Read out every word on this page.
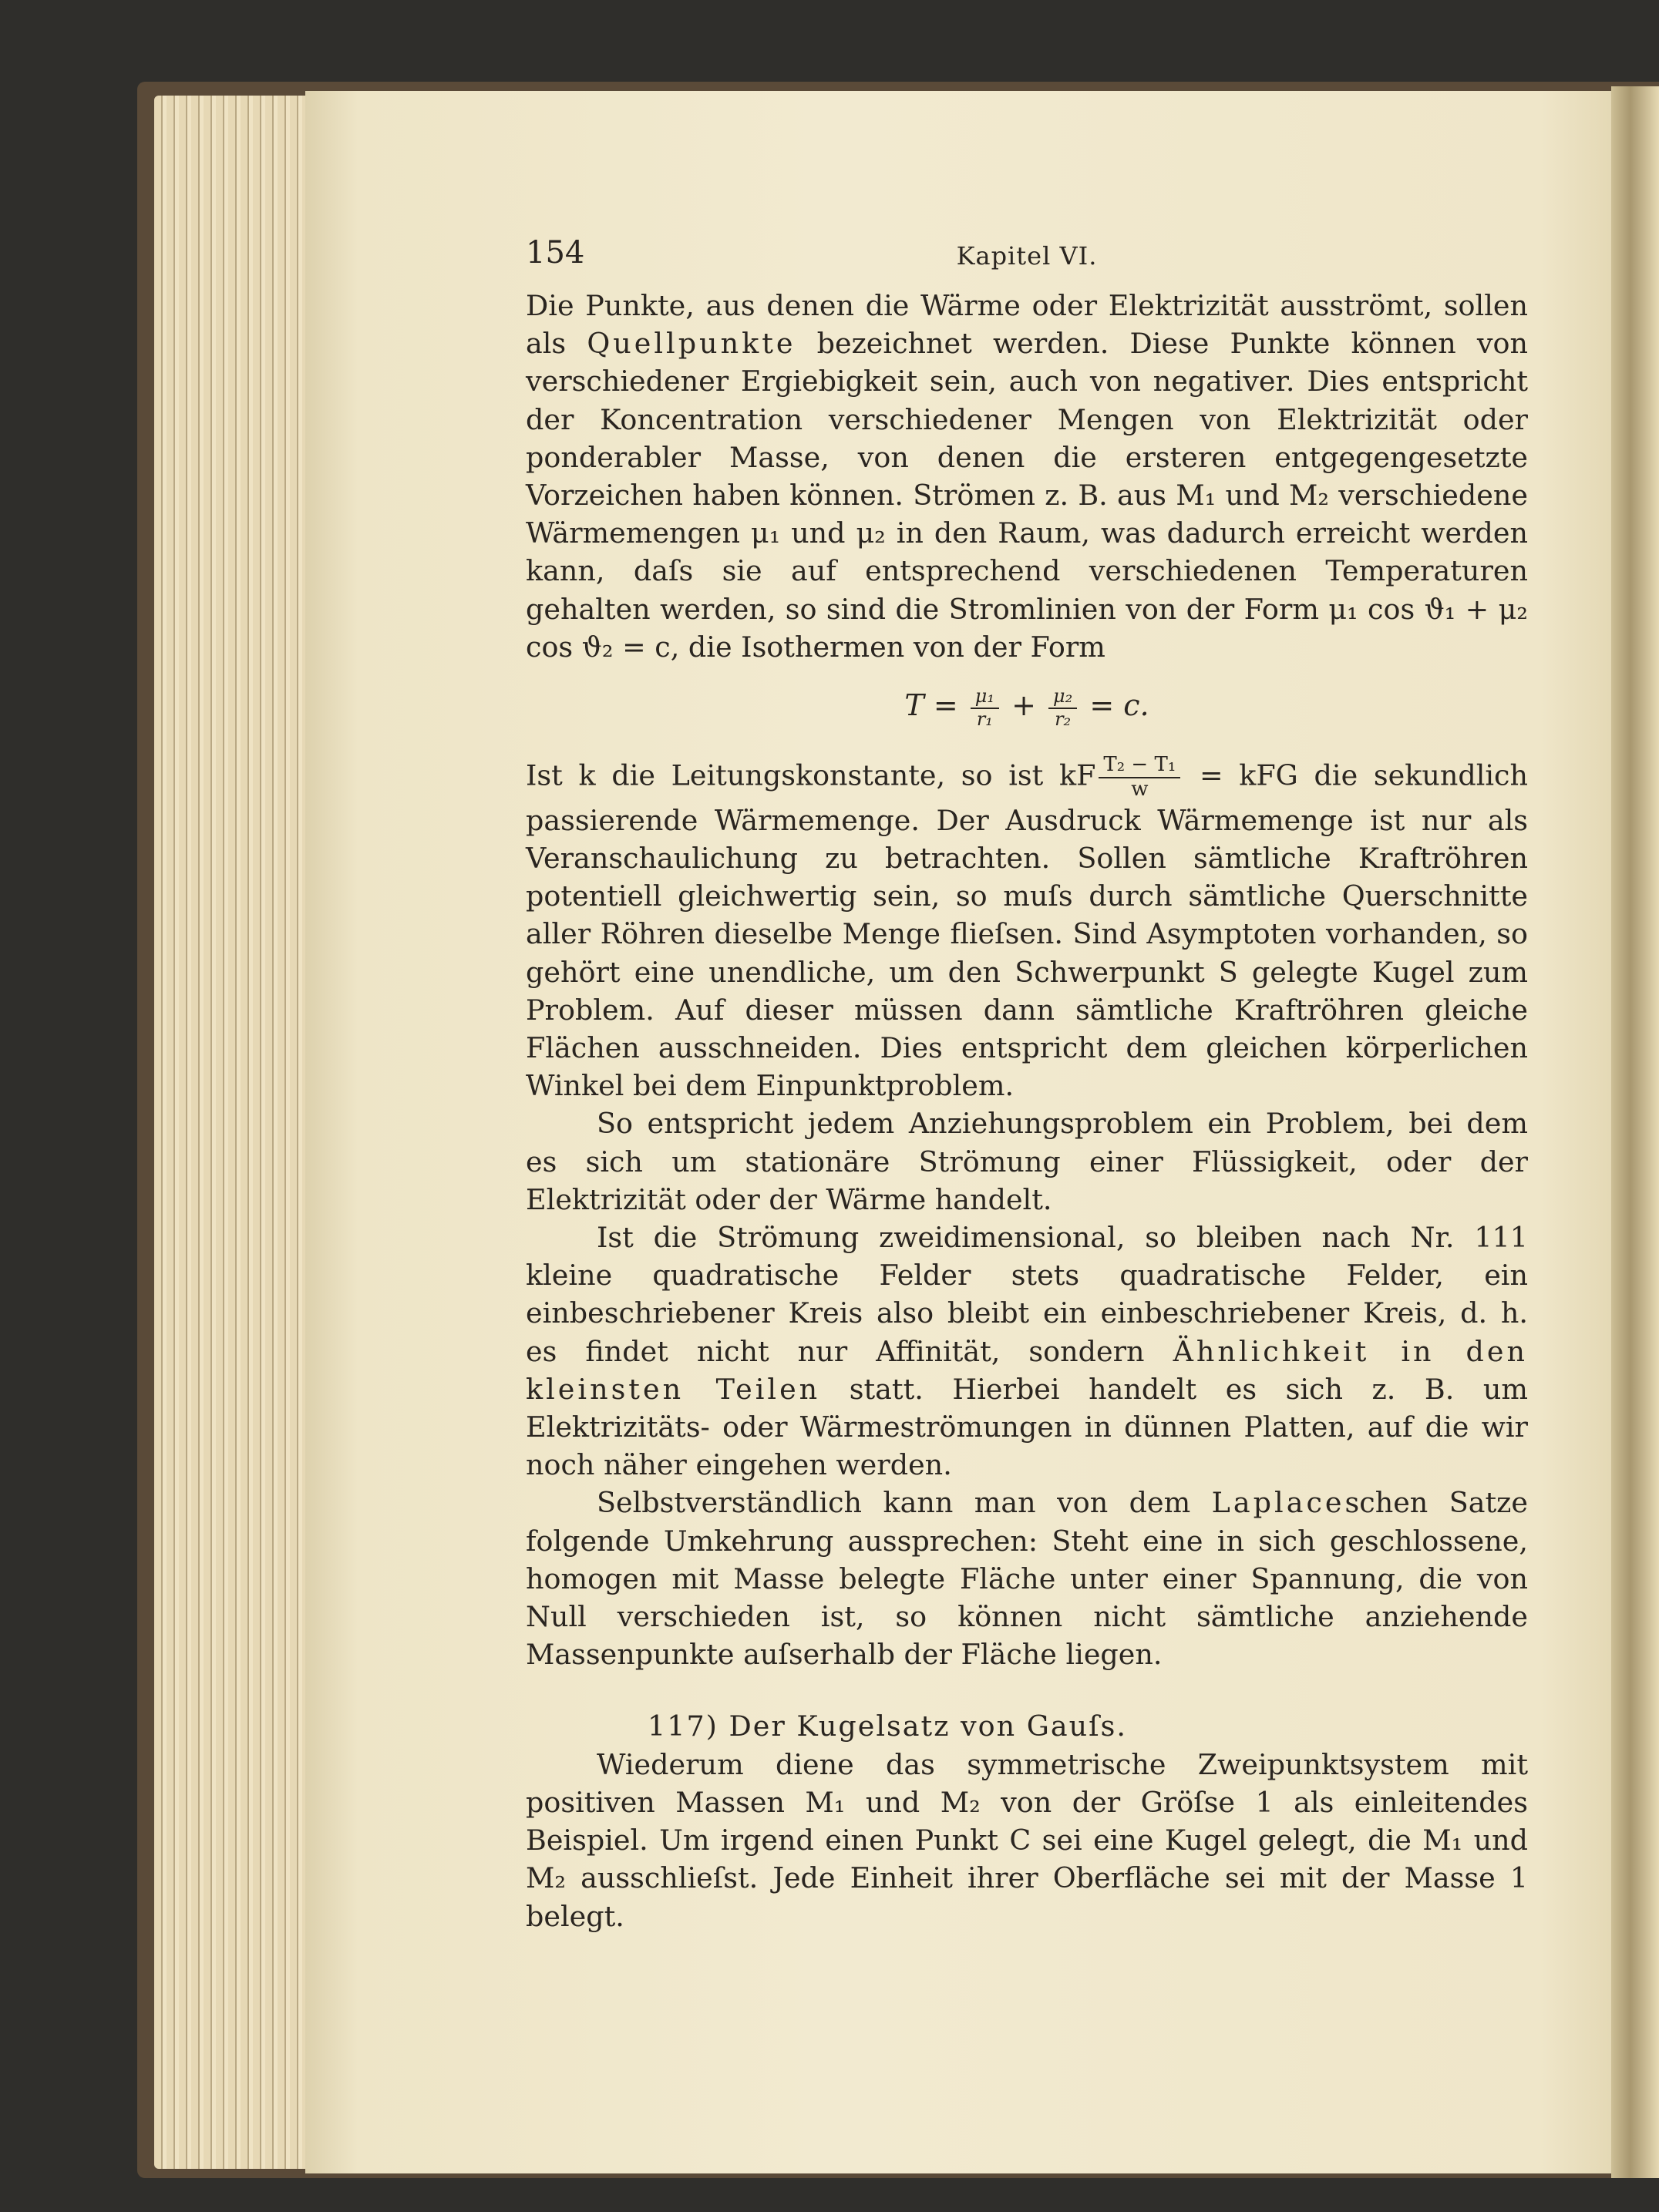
154	Kapitel VI.

Die Punkte, aus denen die Wärme oder Elektrizität ausströmt, sollen als Quellpunkte bezeichnet werden. Diese Punkte können von verschiedener Ergiebigkeit sein, auch von negativer. Dies entspricht der Koncentration verschiedener Mengen von Elektrizität oder ponderabler Masse, von denen die ersteren entgegengesetzte Vorzeichen haben können. Strömen z. B. aus M₁ und M₂ verschiedene Wärmemengen μ₁ und μ₂ in den Raum, was dadurch erreicht werden kann, daſs sie auf entsprechend verschiedenen Temperaturen gehalten werden, so sind die Stromlinien von der Form μ₁ cos ϑ₁ + μ₂ cos ϑ₂ = c, die Isothermen von der Form

$T = \frac{\text{μ₁}}{\text{r₁}} + \frac{\text{μ₂}}{\text{r₂}} = c$.

Ist k die Leitungskonstante, so ist kF $\frac{\text{T₂ − T₁}}{w}$ = kFG die sekundlich passierende Wärmemenge. Der Ausdruck Wärmemenge ist nur als Veranschaulichung zu betrachten. Sollen sämtliche Kraftröhren potentiell gleichwertig sein, so muſs durch sämtliche Querschnitte aller Röhren dieselbe Menge flieſsen. Sind Asymptoten vorhanden, so gehört eine unendliche, um den Schwerpunkt S gelegte Kugel zum Problem. Auf dieser müssen dann sämtliche Kraftröhren gleiche Flächen ausschneiden. Dies entspricht dem gleichen körperlichen Winkel bei dem Einpunktproblem.

So entspricht jedem Anziehungsproblem ein Problem, bei dem es sich um stationäre Strömung einer Flüssigkeit, oder der Elektrizität oder der Wärme handelt.

Ist die Strömung zweidimensional, so bleiben nach Nr. 111 kleine quadratische Felder stets quadratische Felder, ein einbeschriebener Kreis also bleibt ein einbeschriebener Kreis, d. h. es findet nicht nur Affinität, sondern Ähnlichkeit in den kleinsten Teilen statt. Hierbei handelt es sich z. B. um Elektrizitäts- oder Wärmeströmungen in dünnen Platten, auf die wir noch näher eingehen werden.

Selbstverständlich kann man von dem Laplaceschen Satze folgende Umkehrung aussprechen: Steht eine in sich geschlossene, homogen mit Masse belegte Fläche unter einer Spannung, die von Null verschieden ist, so können nicht sämtliche anziehende Massenpunkte auſserhalb der Fläche liegen.

117) Der Kugelsatz von Gauſs.

Wiederum diene das symmetrische Zweipunktsystem mit positiven Massen M₁ und M₂ von der Gröſse 1 als einleitendes Beispiel. Um irgend einen Punkt C sei eine Kugel gelegt, die M₁ und M₂ ausschlieſst. Jede Einheit ihrer Oberfläche sei mit der Masse 1 belegt.
